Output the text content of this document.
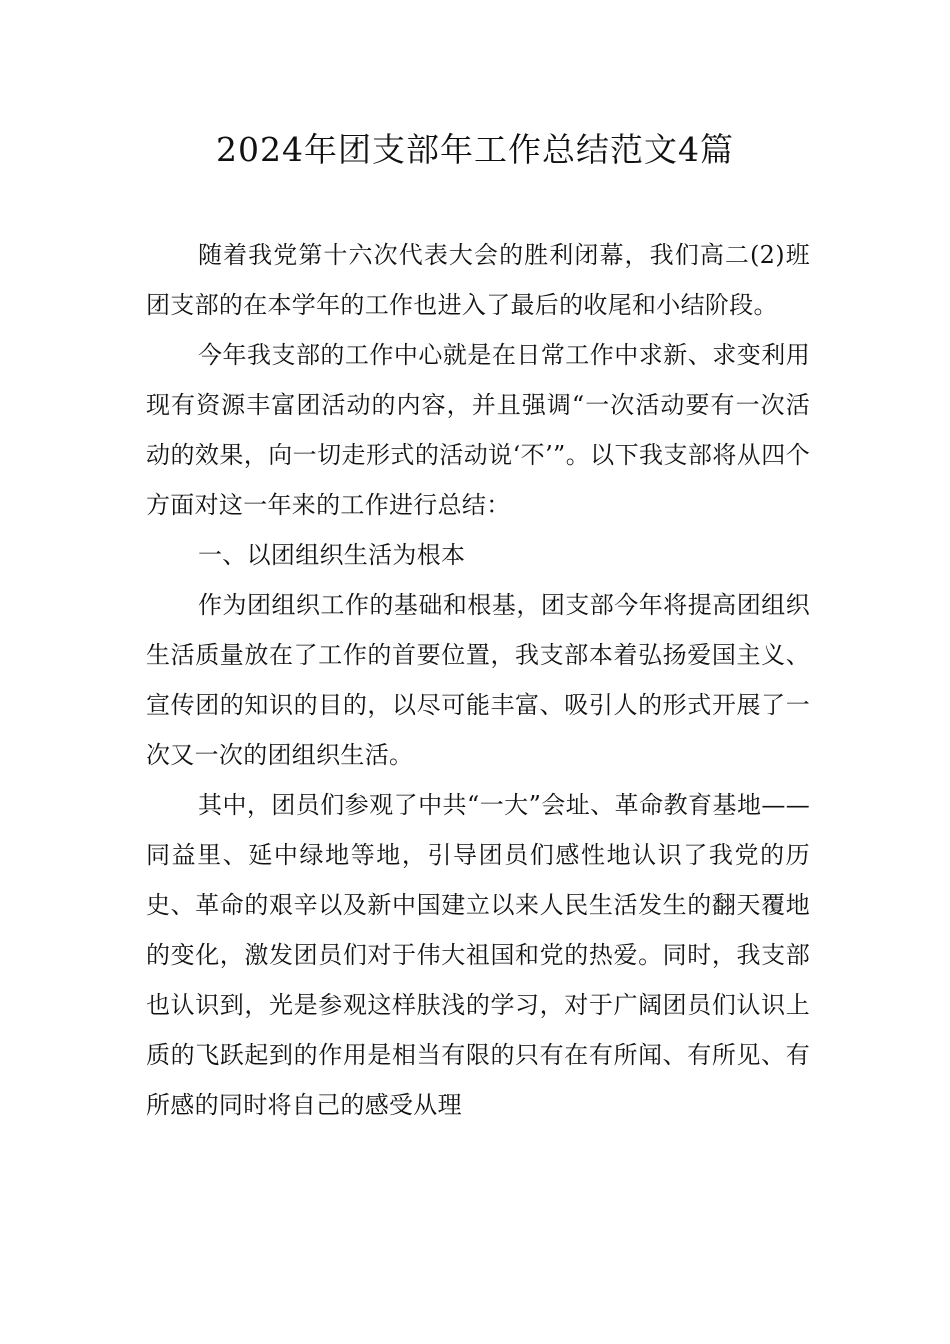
2024年团支部年工作总结范文4篇

随着我党第十六次代表大会的胜利闭幕，我们高二(2)班团支部的在本学年的工作也进入了最后的收尾和小结阶段。

今年我支部的工作中心就是在日常工作中求新、求变利用现有资源丰富团活动的内容，并且强调“一次活动要有一次活动的效果，向一切走形式的活动说‘不’”。以下我支部将从四个方面对这一年来的工作进行总结：

一、以团组织生活为根本

作为团组织工作的基础和根基，团支部今年将提高团组织生活质量放在了工作的首要位置，我支部本着弘扬爱国主义、宣传团的知识的目的，以尽可能丰富、吸引人的形式开展了一次又一次的团组织生活。

其中，团员们参观了中共“一大”会址、革命教育基地——同益里、延中绿地等地，引导团员们感性地认识了我党的历史、革命的艰辛以及新中国建立以来人民生活发生的翻天覆地的变化，激发团员们对于伟大祖国和党的热爱。同时，我支部也认识到，光是参观这样肤浅的学习，对于广阔团员们认识上质的飞跃起到的作用是相当有限的只有在有所闻、有所见、有所感的同时将自己的感受从理
